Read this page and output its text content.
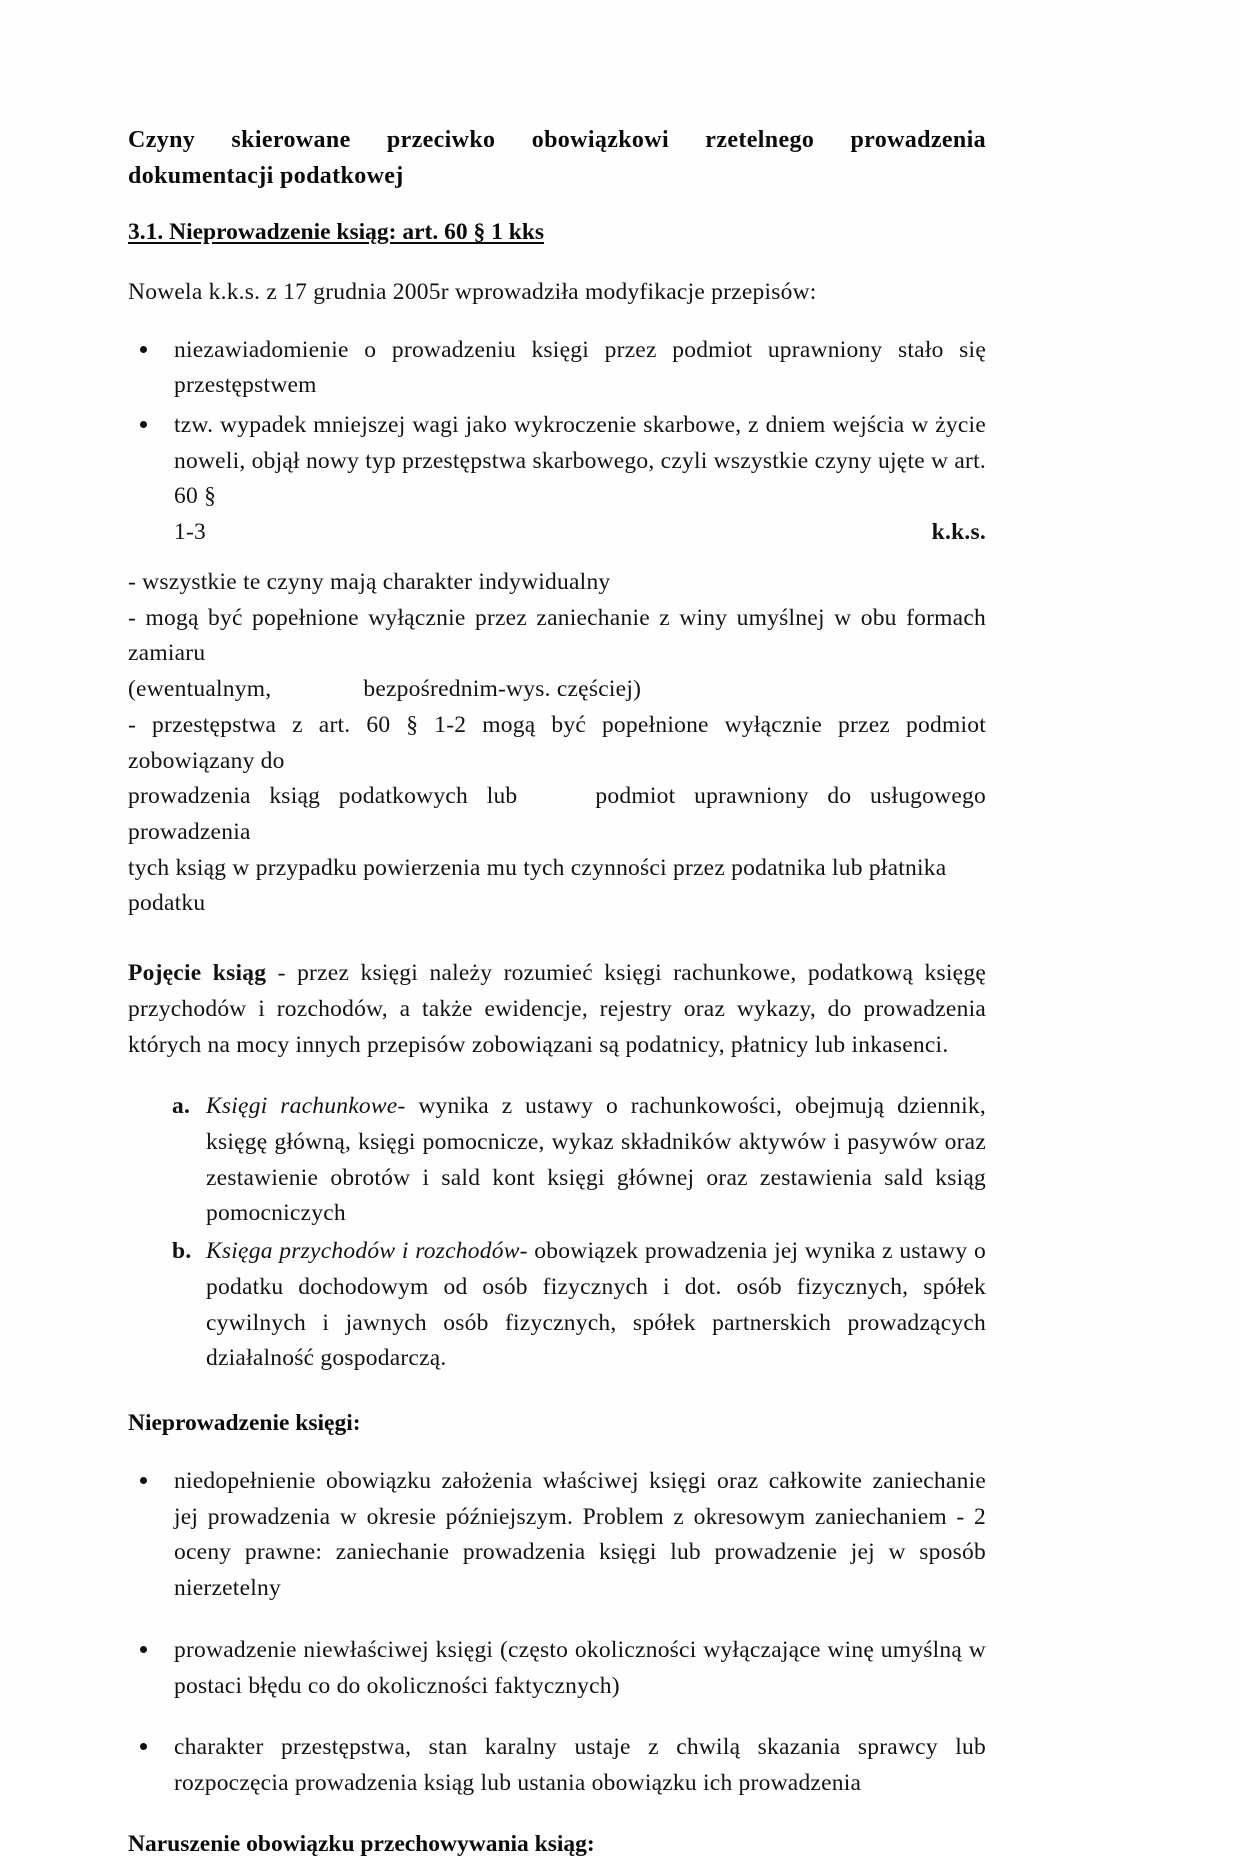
Czyny skierowane przeciwko obowiązkowi rzetelnego prowadzenia dokumentacji podatkowej
3.1. Nieprowadzenie ksiąg: art. 60 § 1 kks
Nowela k.k.s. z 17 grudnia 2005r wprowadziła modyfikacje przepisów:
niezawiadomienie o prowadzeniu księgi przez podmiot uprawniony stało się przestępstwem
tzw. wypadek mniejszej wagi jako wykroczenie skarbowe, z dniem wejścia w życie noweli, objął nowy typ przestępstwa skarbowego, czyli wszystkie czyny ujęte w art. 60 §
1-3	k.k.s.
- wszystkie te czyny mają charakter indywidualny
- mogą być popełnione wyłącznie przez zaniechanie z winy umyślnej w obu formach zamiaru
(ewentualnym,	bezpośrednim-wys. częściej)
- przestępstwa z art. 60 § 1-2 mogą być popełnione wyłącznie przez podmiot zobowiązany do
prowadzenia ksiąg podatkowych lub	podmiot uprawniony do usługowego prowadzenia
tych ksiąg w przypadku powierzenia mu tych czynności przez podatnika lub płatnika
podatku
Pojęcie ksiąg - przez księgi należy rozumieć księgi rachunkowe, podatkową księgę przychodów i rozchodów, a także ewidencje, rejestry oraz wykazy, do prowadzenia których na mocy innych przepisów zobowiązani są podatnicy, płatnicy lub inkasenci.
Księgi rachunkowe- wynika z ustawy o rachunkowości, obejmują dziennik, księgę główną, księgi pomocnicze, wykaz składników aktywów i pasywów oraz zestawienie obrotów i sald kont księgi głównej oraz zestawienia sald ksiąg pomocniczych
Księga przychodów i rozchodów- obowiązek prowadzenia jej wynika z ustawy o podatku dochodowym od osób fizycznych i dot. osób fizycznych, spółek cywilnych i jawnych osób fizycznych, spółek partnerskich prowadzących działalność gospodarczą.
Nieprowadzenie księgi:
niedopełnienie obowiązku założenia właściwej księgi oraz całkowite zaniechanie jej prowadzenia w okresie późniejszym. Problem z okresowym zaniechaniem - 2 oceny prawne: zaniechanie prowadzenia księgi lub prowadzenie jej w sposób nierzetelny
prowadzenie niewłaściwej księgi (często okoliczności wyłączające winę umyślną w postaci błędu co do okoliczności faktycznych)
charakter przestępstwa, stan karalny ustaje z chwilą skazania sprawcy lub rozpoczęcia prowadzenia ksiąg lub ustania obowiązku ich prowadzenia
Naruszenie obowiązku przechowywania ksiąg:
